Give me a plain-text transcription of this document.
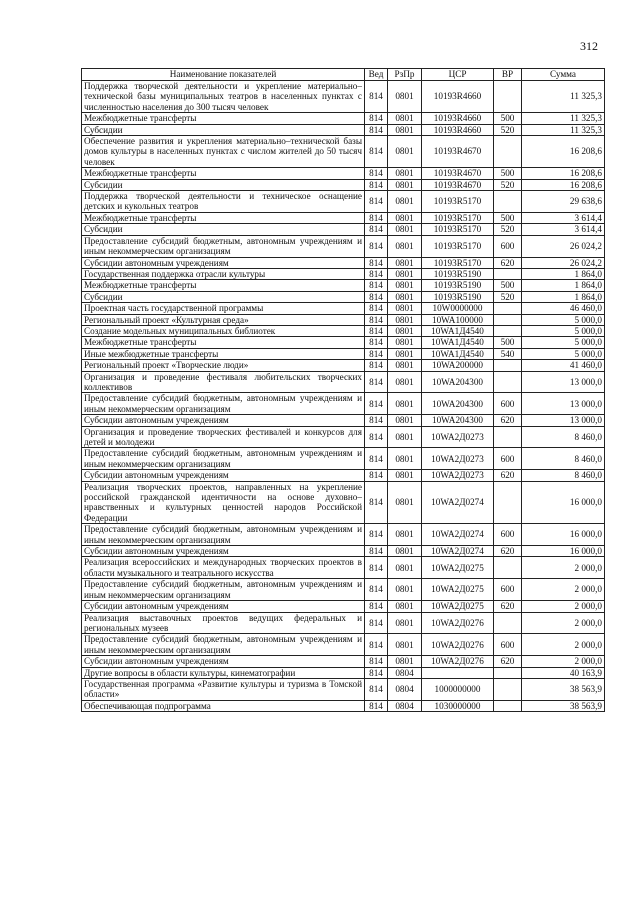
312
Наименование показателей	Вед	РзПр	ЦСР	ВР	Сумма
Поддержка творческой деятельности и укрепление материально–технической базы муниципальных театров в населенных пунктах с численностью населения до 300 тысяч человек	814	0801	10193R4660		11 325,3
Межбюджетные трансферты	814	0801	10193R4660	500	11 325,3
Субсидии	814	0801	10193R4660	520	11 325,3
Обеспечение развития и укрепления материально–технической базы домов культуры в населенных пунктах с числом жителей до 50 тысяч человек	814	0801	10193R4670		16 208,6
Межбюджетные трансферты	814	0801	10193R4670	500	16 208,6
Субсидии	814	0801	10193R4670	520	16 208,6
Поддержка творческой деятельности и техническое оснащение детских и кукольных театров	814	0801	10193R5170		29 638,6
Межбюджетные трансферты	814	0801	10193R5170	500	3 614,4
Субсидии	814	0801	10193R5170	520	3 614,4
Предоставление субсидий бюджетным, автономным учреждениям и иным некоммерческим организациям	814	0801	10193R5170	600	26 024,2
Субсидии автономным учреждениям	814	0801	10193R5170	620	26 024,2
Государственная поддержка отрасли культуры	814	0801	10193R5190		1 864,0
Межбюджетные трансферты	814	0801	10193R5190	500	1 864,0
Субсидии	814	0801	10193R5190	520	1 864,0
Проектная часть государственной программы	814	0801	10W0000000		46 460,0
Региональный проект «Культурная среда»	814	0801	10WA100000		5 000,0
Создание модельных муниципальных библиотек	814	0801	10WA1Д4540		5 000,0
Межбюджетные трансферты	814	0801	10WA1Д4540	500	5 000,0
Иные межбюджетные трансферты	814	0801	10WA1Д4540	540	5 000,0
Региональный проект «Творческие люди»	814	0801	10WA200000		41 460,0
Организация и проведение фестиваля любительских творческих коллективов	814	0801	10WA204300		13 000,0
Предоставление субсидий бюджетным, автономным учреждениям и иным некоммерческим организациям	814	0801	10WA204300	600	13 000,0
Субсидии автономным учреждениям	814	0801	10WA204300	620	13 000,0
Организация и проведение творческих фестивалей и конкурсов для детей и молодежи	814	0801	10WA2Д0273		8 460,0
Предоставление субсидий бюджетным, автономным учреждениям и иным некоммерческим организациям	814	0801	10WA2Д0273	600	8 460,0
Субсидии автономным учреждениям	814	0801	10WA2Д0273	620	8 460,0
Реализация творческих проектов, направленных на укрепление российской гражданской идентичности на основе духовно–нравственных и культурных ценностей народов Российской Федерации	814	0801	10WA2Д0274		16 000,0
Предоставление субсидий бюджетным, автономным учреждениям и иным некоммерческим организациям	814	0801	10WA2Д0274	600	16 000,0
Субсидии автономным учреждениям	814	0801	10WA2Д0274	620	16 000,0
Реализация всероссийских и международных творческих проектов в области музыкального и театрального искусства	814	0801	10WA2Д0275		2 000,0
Предоставление субсидий бюджетным, автономным учреждениям и иным некоммерческим организациям	814	0801	10WA2Д0275	600	2 000,0
Субсидии автономным учреждениям	814	0801	10WA2Д0275	620	2 000,0
Реализация выставочных проектов ведущих федеральных и региональных музеев	814	0801	10WA2Д0276		2 000,0
Предоставление субсидий бюджетным, автономным учреждениям и иным некоммерческим организациям	814	0801	10WA2Д0276	600	2 000,0
Субсидии автономным учреждениям	814	0801	10WA2Д0276	620	2 000,0
Другие вопросы в области культуры, кинематографии	814	0804			40 163,9
Государственная программа «Развитие культуры и туризма в Томской области»	814	0804	1000000000		38 563,9
Обеспечивающая подпрограмма	814	0804	1030000000		38 563,9
